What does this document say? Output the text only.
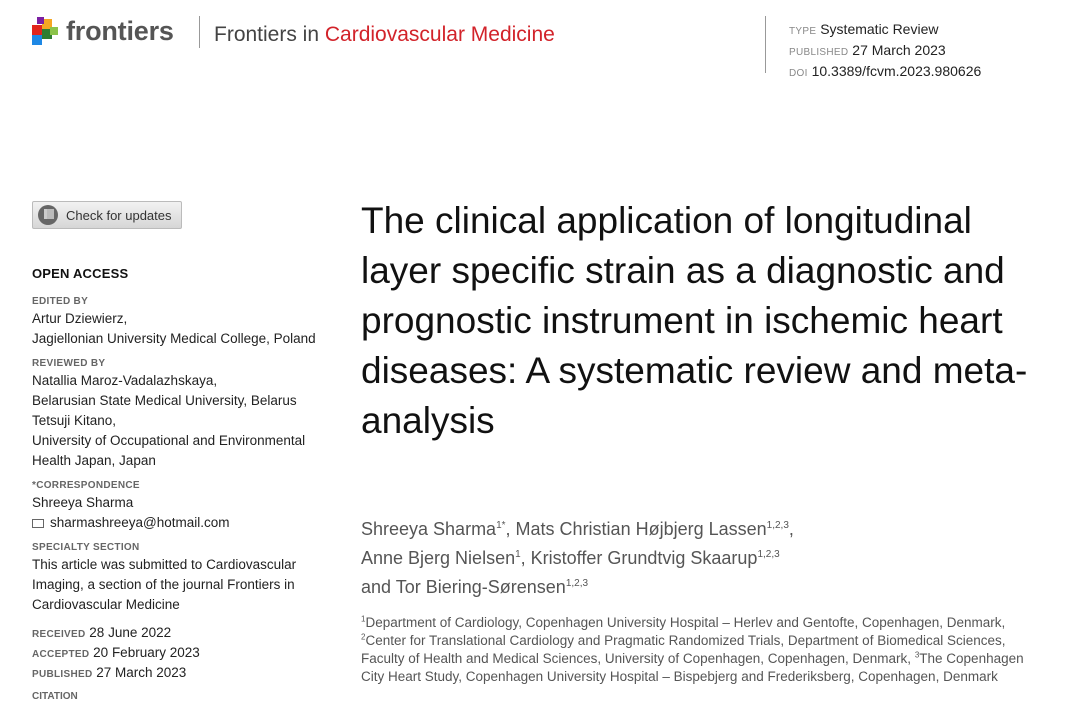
frontiers Frontiers in Cardiovascular Medicine	TYPE Systematic Review
PUBLISHED 27 March 2023
DOI 10.3389/fcvm.2023.980626
Check for updates
OPEN ACCESS
EDITED BY
Artur Dziewierz,
Jagiellonian University Medical College, Poland
REVIEWED BY
Natallia Maroz-Vadalazhskaya,
Belarusian State Medical University, Belarus
Tetsuji Kitano,
University of Occupational and Environmental Health Japan, Japan
*CORRESPONDENCE
Shreeya Sharma
sharmashreeya@hotmail.com
SPECIALTY SECTION
This article was submitted to Cardiovascular Imaging, a section of the journal Frontiers in Cardiovascular Medicine
RECEIVED 28 June 2022
ACCEPTED 20 February 2023
PUBLISHED 27 March 2023
CITATION
The clinical application of longitudinal layer specific strain as a diagnostic and prognostic instrument in ischemic heart diseases: A systematic review and meta-analysis
Shreeya Sharma$^{1*}$, Mats Christian Højbjerg Lassen$^{1,2,3}$,
Anne Bjerg Nielsen$^1$, Kristoffer Grundtvig Skaarup$^{1,2,3}$
and Tor Biering-Sørensen$^{1,2,3}$
$^1$Department of Cardiology, Copenhagen University Hospital – Herlev and Gentofte, Copenhagen, Denmark, $^2$Center for Translational Cardiology and Pragmatic Randomized Trials, Department of Biomedical Sciences, Faculty of Health and Medical Sciences, University of Copenhagen, Copenhagen, Denmark, $^3$The Copenhagen City Heart Study, Copenhagen University Hospital – Bispebjerg and Frederiksberg, Copenhagen, Denmark
